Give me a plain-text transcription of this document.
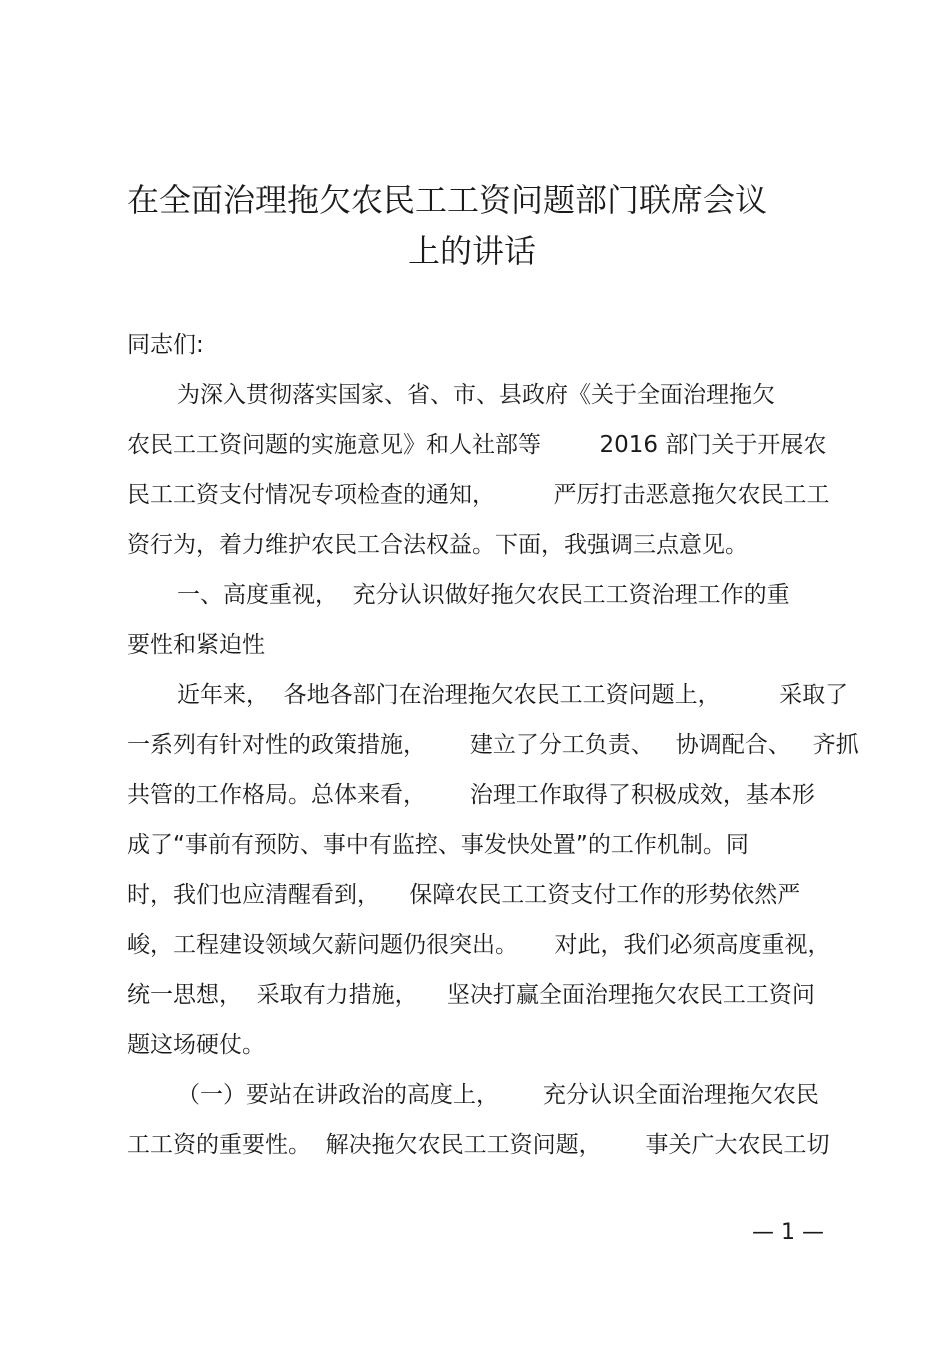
在全面治理拖欠农民工工资问题部门联席会议
上的讲话

同志们:

为深入贯彻落实国家、省、市、县政府《关于全面治理拖欠

农民工工资问题的实施意见》和人社部等        2016 部门关于开展农

民工工资支付情况专项检查的通知，        严厉打击恶意拖欠农民工工

资行为，着力维护农民工合法权益。下面，我强调三点意见。

一、高度重视，  充分认识做好拖欠农民工工资治理工作的重

要性和紧迫性

近年来，  各地各部门在治理拖欠农民工工资问题上，        采取了

一系列有针对性的政策措施，      建立了分工负责、   协调配合、   齐抓

共管的工作格局。总体来看，      治理工作取得了积极成效，基本形

成了“事前有预防、事中有监控、事发快处置”的工作机制。同

时，我们也应清醒看到，    保障农民工工资支付工作的形势依然严

峻，工程建设领域欠薪问题仍很突出。     对此，我们必须高度重视，

统一思想，  采取有力措施，    坚决打赢全面治理拖欠农民工工资问

题这场硬仗。

（一）要站在讲政治的高度上，      充分认识全面治理拖欠农民

工工资的重要性。  解决拖欠农民工工资问题，      事关广大农民工切

— 1 —
